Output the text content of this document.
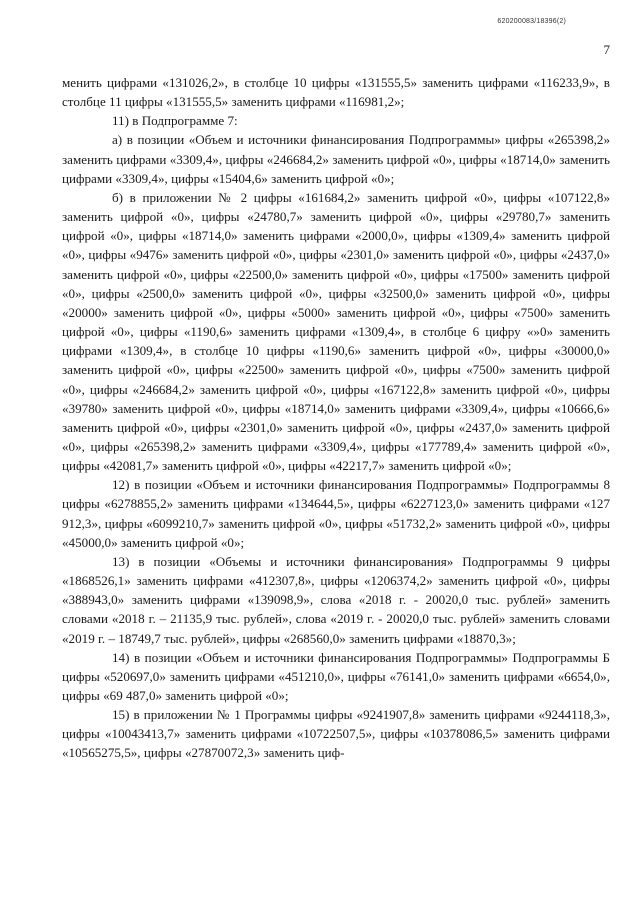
620200083/18396(2)
7

менить цифрами «131026,2», в столбце 10 цифры «131555,5» заменить цифрами «116233,9», в столбце 11 цифры «131555,5» заменить цифрами «116981,2»;

11) в Подпрограмме 7:

а) в позиции «Объем и источники финансирования Подпрограммы» цифры «265398,2» заменить цифрами «3309,4», цифры «246684,2» заменить цифрой «0», цифры «18714,0» заменить цифрами «3309,4», цифры «15404,6» заменить цифрой «0»;

б) в приложении № 2 цифры «161684,2» заменить цифрой «0», цифры «107122,8» заменить цифрой «0», цифры «24780,7» заменить цифрой «0», цифры «29780,7» заменить цифрой «0», цифры «18714,0» заменить цифрами «2000,0», цифры «1309,4» заменить цифрой «0», цифры «9476» заменить цифрой «0», цифры «2301,0» заменить цифрой «0», цифры «2437,0» заменить цифрой «0», цифры «22500,0» заменить цифрой «0», цифры «17500» заменить цифрой «0», цифры «2500,0» заменить цифрой «0», цифры «32500,0» заменить цифрой «0», цифры «20000» заменить цифрой «0», цифры «5000» заменить цифрой «0», цифры «7500» заменить цифрой «0», цифры «1190,6» заменить цифрами «1309,4», в столбце 6 цифру «»0» заменить цифрами «1309,4», в столбце 10 цифры «1190,6» заменить цифрой «0», цифры «30000,0» заменить цифрой «0», цифры «22500» заменить цифрой «0», цифры «7500» заменить цифрой «0», цифры «246684,2» заменить цифрой «0», цифры «167122,8» заменить цифрой «0», цифры «39780» заменить цифрой «0», цифры «18714,0» заменить цифрами «3309,4», цифры «10666,6» заменить цифрой «0», цифры «2301,0» заменить цифрой «0», цифры «2437,0» заменить цифрой «0», цифры «265398,2» заменить цифрами «3309,4», цифры «177789,4» заменить цифрой «0», цифры «42081,7» заменить цифрой «0», цифры «42217,7» заменить цифрой «0»;

12) в позиции «Объем и источники финансирования Подпрограммы» Подпрограммы 8 цифры «6278855,2» заменить цифрами «134644,5», цифры «6227123,0» заменить цифрами «127 912,3», цифры «6099210,7» заменить цифрой «0», цифры «51732,2» заменить цифрой «0», цифры «45000,0» заменить цифрой «0»;

13) в позиции «Объемы и источники финансирования» Подпрограммы 9 цифры «1868526,1» заменить цифрами «412307,8», цифры «1206374,2» заменить цифрой «0», цифры «388943,0» заменить цифрами «139098,9», слова «2018 г. - 20020,0 тыс. рублей» заменить словами «2018 г. – 21135,9 тыс. рублей», слова «2019 г. - 20020,0 тыс. рублей» заменить словами «2019 г. – 18749,7 тыс. рублей», цифры «268560,0» заменить цифрами «18870,3»;

14) в позиции «Объем и источники финансирования Подпрограммы» Подпрограммы Б цифры «520697,0» заменить цифрами «451210,0», цифры «76141,0» заменить цифрами «6654,0», цифры «69 487,0» заменить цифрой «0»;

15) в приложении № 1 Программы цифры «9241907,8» заменить цифрами «9244118,3», цифры «10043413,7» заменить цифрами «10722507,5», цифры «10378086,5» заменить цифрами «10565275,5», цифры «27870072,3» заменить циф-
